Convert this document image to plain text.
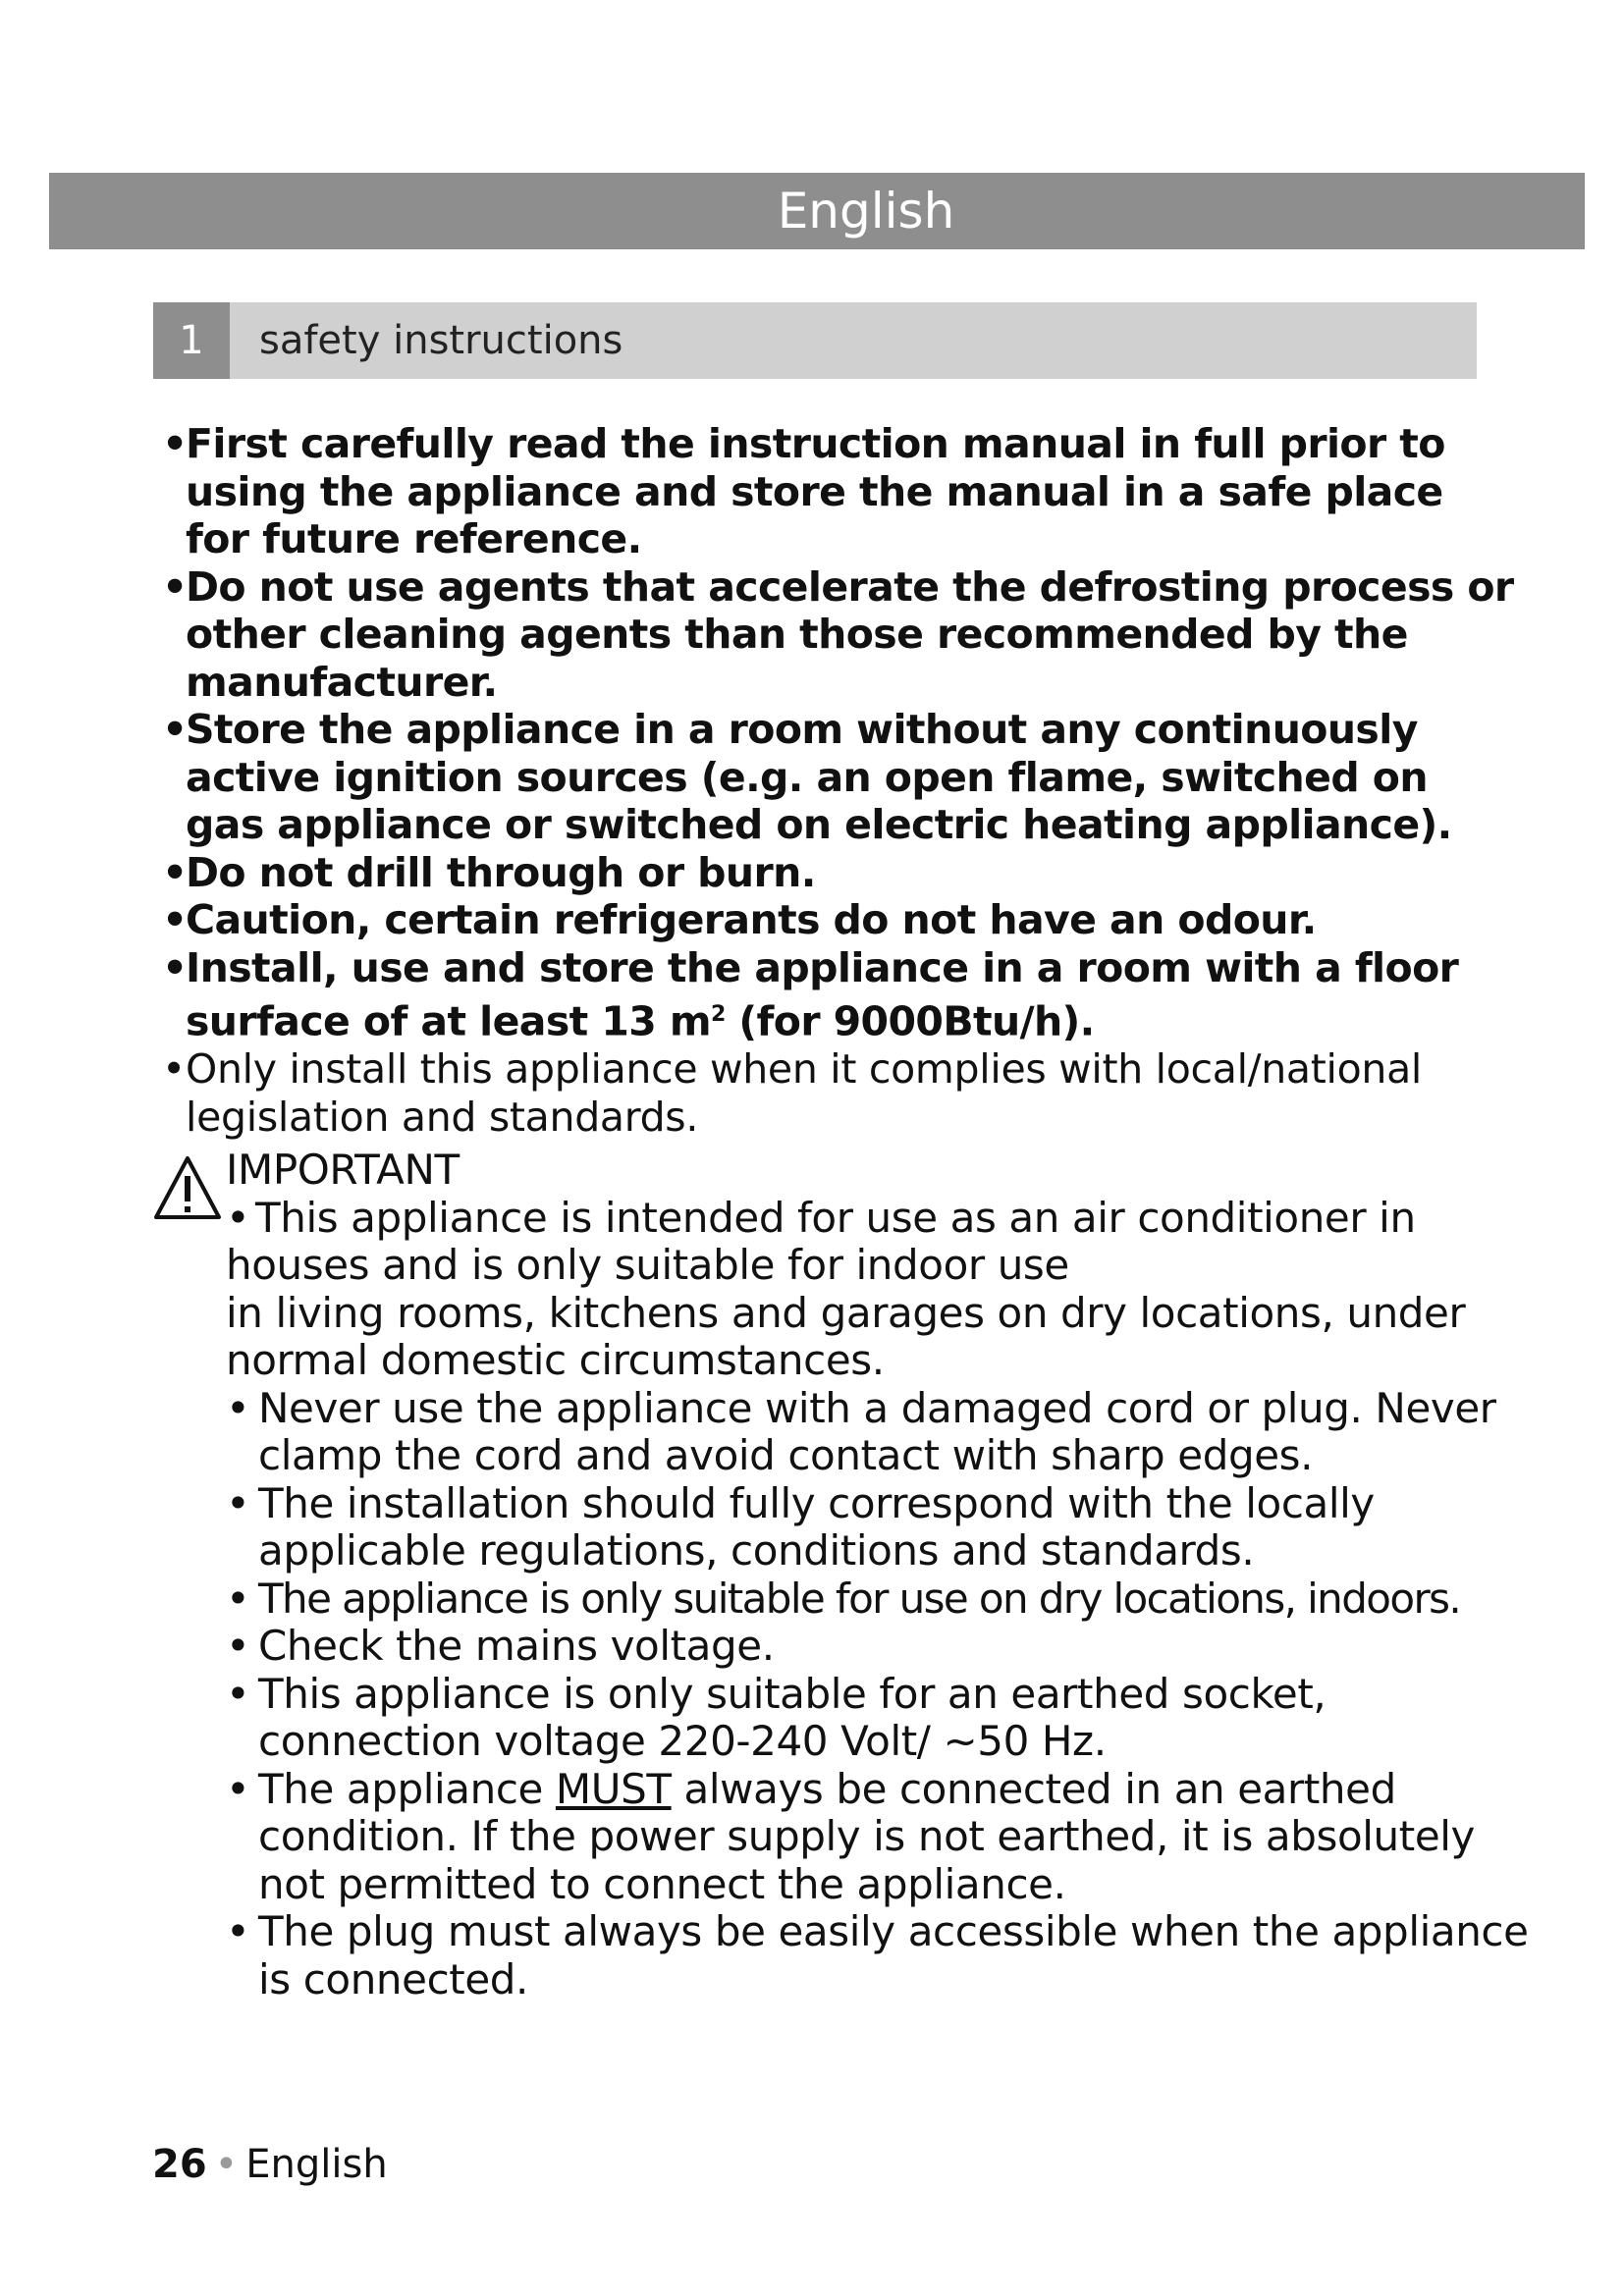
English
1	safety instructions
•First carefully read the instruction manual in full prior to using the appliance and store the manual in a safe place for future reference.
•Do not use agents that accelerate the defrosting process or other cleaning agents than those recommended by the manufacturer.
•Store the appliance in a room without any continuously active ignition sources (e.g. an open flame, switched on gas appliance or switched on electric heating appliance).
•Do not drill through or burn.
•Caution, certain refrigerants do not have an odour.
•Install, use and store the appliance in a room with a floor surface of at least 13 $m^2$ (for 9000Btu/h).
•Only install this appliance when it complies with local/national legislation and standards.
IMPORTANT
• This appliance is intended for use as an air conditioner in
houses and is only suitable for indoor use
in living rooms, kitchens and garages on dry locations, under normal domestic circumstances.
• Never use the appliance with a damaged cord or plug. Never clamp the cord and avoid contact with sharp edges.
• The installation should fully correspond with the locally applicable regulations, conditions and standards.
• The appliance is only suitable for use on dry locations, indoors.
• Check the mains voltage.
• This appliance is only suitable for an earthed socket, connection voltage 220-240 Volt/ ~50 Hz.
• The appliance MUST always be connected in an earthed condition. If the power supply is not earthed, it is absolutely not permitted to connect the appliance.
• The plug must always be easily accessible when the appliance is connected.
26 • English
